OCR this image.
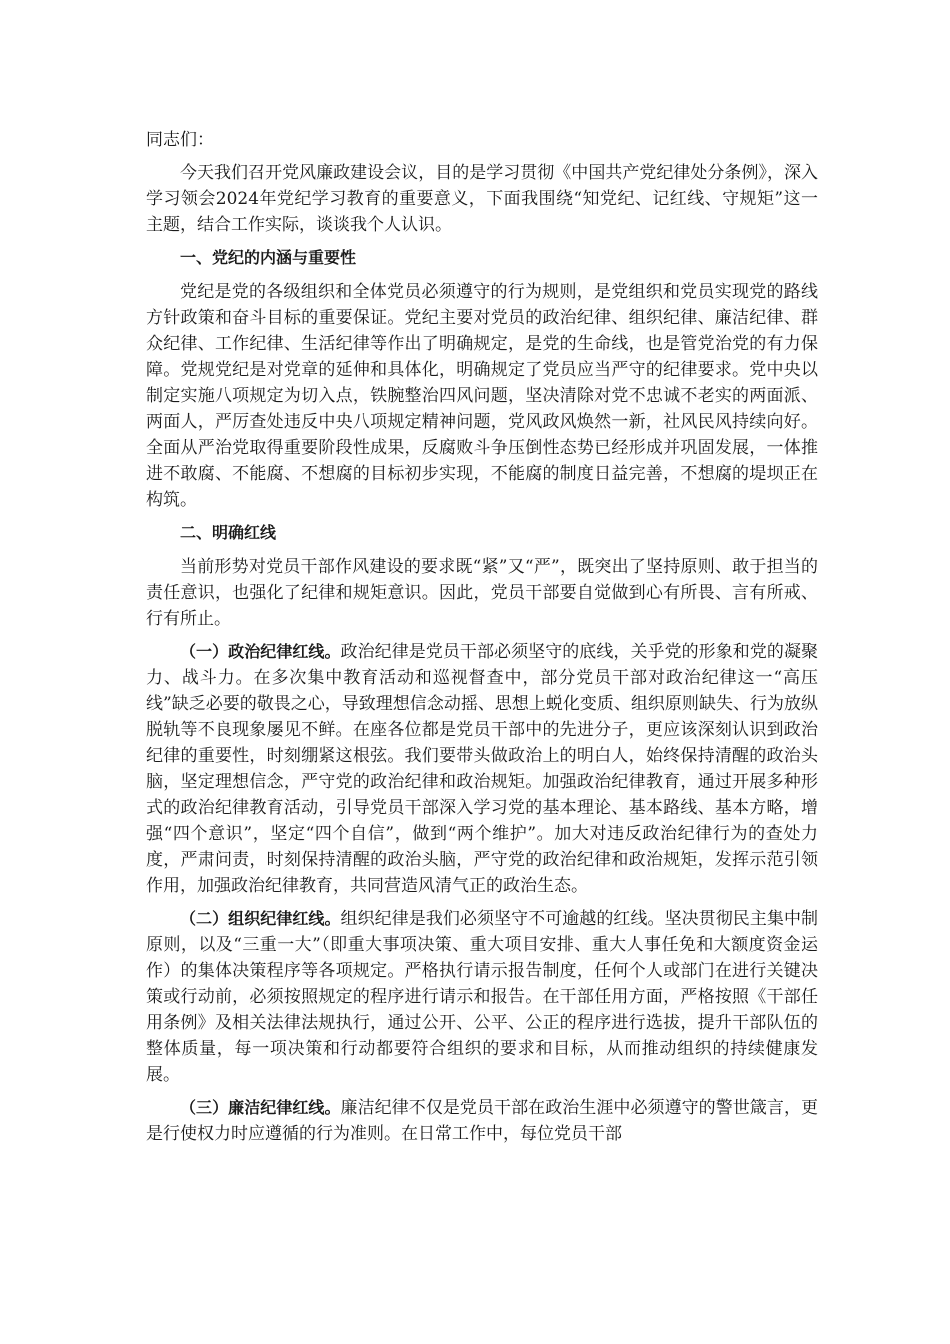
同志们：

今天我们召开党风廉政建设会议，目的是学习贯彻《中国共产党纪律处分条例》，深入学习领会2024年党纪学习教育的重要意义，下面我围绕“知党纪、记红线、守规矩”这一主题，结合工作实际，谈谈我个人认识。

一、党纪的内涵与重要性

党纪是党的各级组织和全体党员必须遵守的行为规则，是党组织和党员实现党的路线方针政策和奋斗目标的重要保证。党纪主要对党员的政治纪律、组织纪律、廉洁纪律、群众纪律、工作纪律、生活纪律等作出了明确规定，是党的生命线，也是管党治党的有力保障。党规党纪是对党章的延伸和具体化，明确规定了党员应当严守的纪律要求。党中央以制定实施八项规定为切入点，铁腕整治四风问题，坚决清除对党不忠诚不老实的两面派、两面人，严厉查处违反中央八项规定精神问题，党风政风焕然一新，社风民风持续向好。全面从严治党取得重要阶段性成果，反腐败斗争压倒性态势已经形成并巩固发展，一体推进不敢腐、不能腐、不想腐的目标初步实现，不能腐的制度日益完善，不想腐的堤坝正在构筑。

二、明确红线

当前形势对党员干部作风建设的要求既“紧”又“严”，既突出了坚持原则、敢于担当的责任意识，也强化了纪律和规矩意识。因此，党员干部要自觉做到心有所畏、言有所戒、行有所止。

（一）政治纪律红线。政治纪律是党员干部必须坚守的底线，关乎党的形象和党的凝聚力、战斗力。在多次集中教育活动和巡视督查中，部分党员干部对政治纪律这一“高压线”缺乏必要的敬畏之心，导致理想信念动摇、思想上蜕化变质、组织原则缺失、行为放纵脱轨等不良现象屡见不鲜。在座各位都是党员干部中的先进分子，更应该深刻认识到政治纪律的重要性，时刻绷紧这根弦。我们要带头做政治上的明白人，始终保持清醒的政治头脑，坚定理想信念，严守党的政治纪律和政治规矩。加强政治纪律教育，通过开展多种形式的政治纪律教育活动，引导党员干部深入学习党的基本理论、基本路线、基本方略，增强“四个意识”，坚定“四个自信”，做到“两个维护”。加大对违反政治纪律行为的查处力度，严肃问责，时刻保持清醒的政治头脑，严守党的政治纪律和政治规矩，发挥示范引领作用，加强政治纪律教育，共同营造风清气正的政治生态。

（二）组织纪律红线。组织纪律是我们必须坚守不可逾越的红线。坚决贯彻民主集中制原则，以及“三重一大”（即重大事项决策、重大项目安排、重大人事任免和大额度资金运作）的集体决策程序等各项规定。严格执行请示报告制度，任何个人或部门在进行关键决策或行动前，必须按照规定的程序进行请示和报告。在干部任用方面，严格按照《干部任用条例》及相关法律法规执行，通过公开、公平、公正的程序进行选拔，提升干部队伍的整体质量，每一项决策和行动都要符合组织的要求和目标，从而推动组织的持续健康发展。

（三）廉洁纪律红线。廉洁纪律不仅是党员干部在政治生涯中必须遵守的警世箴言，更是行使权力时应遵循的行为准则。在日常工作中，每位党员干部
